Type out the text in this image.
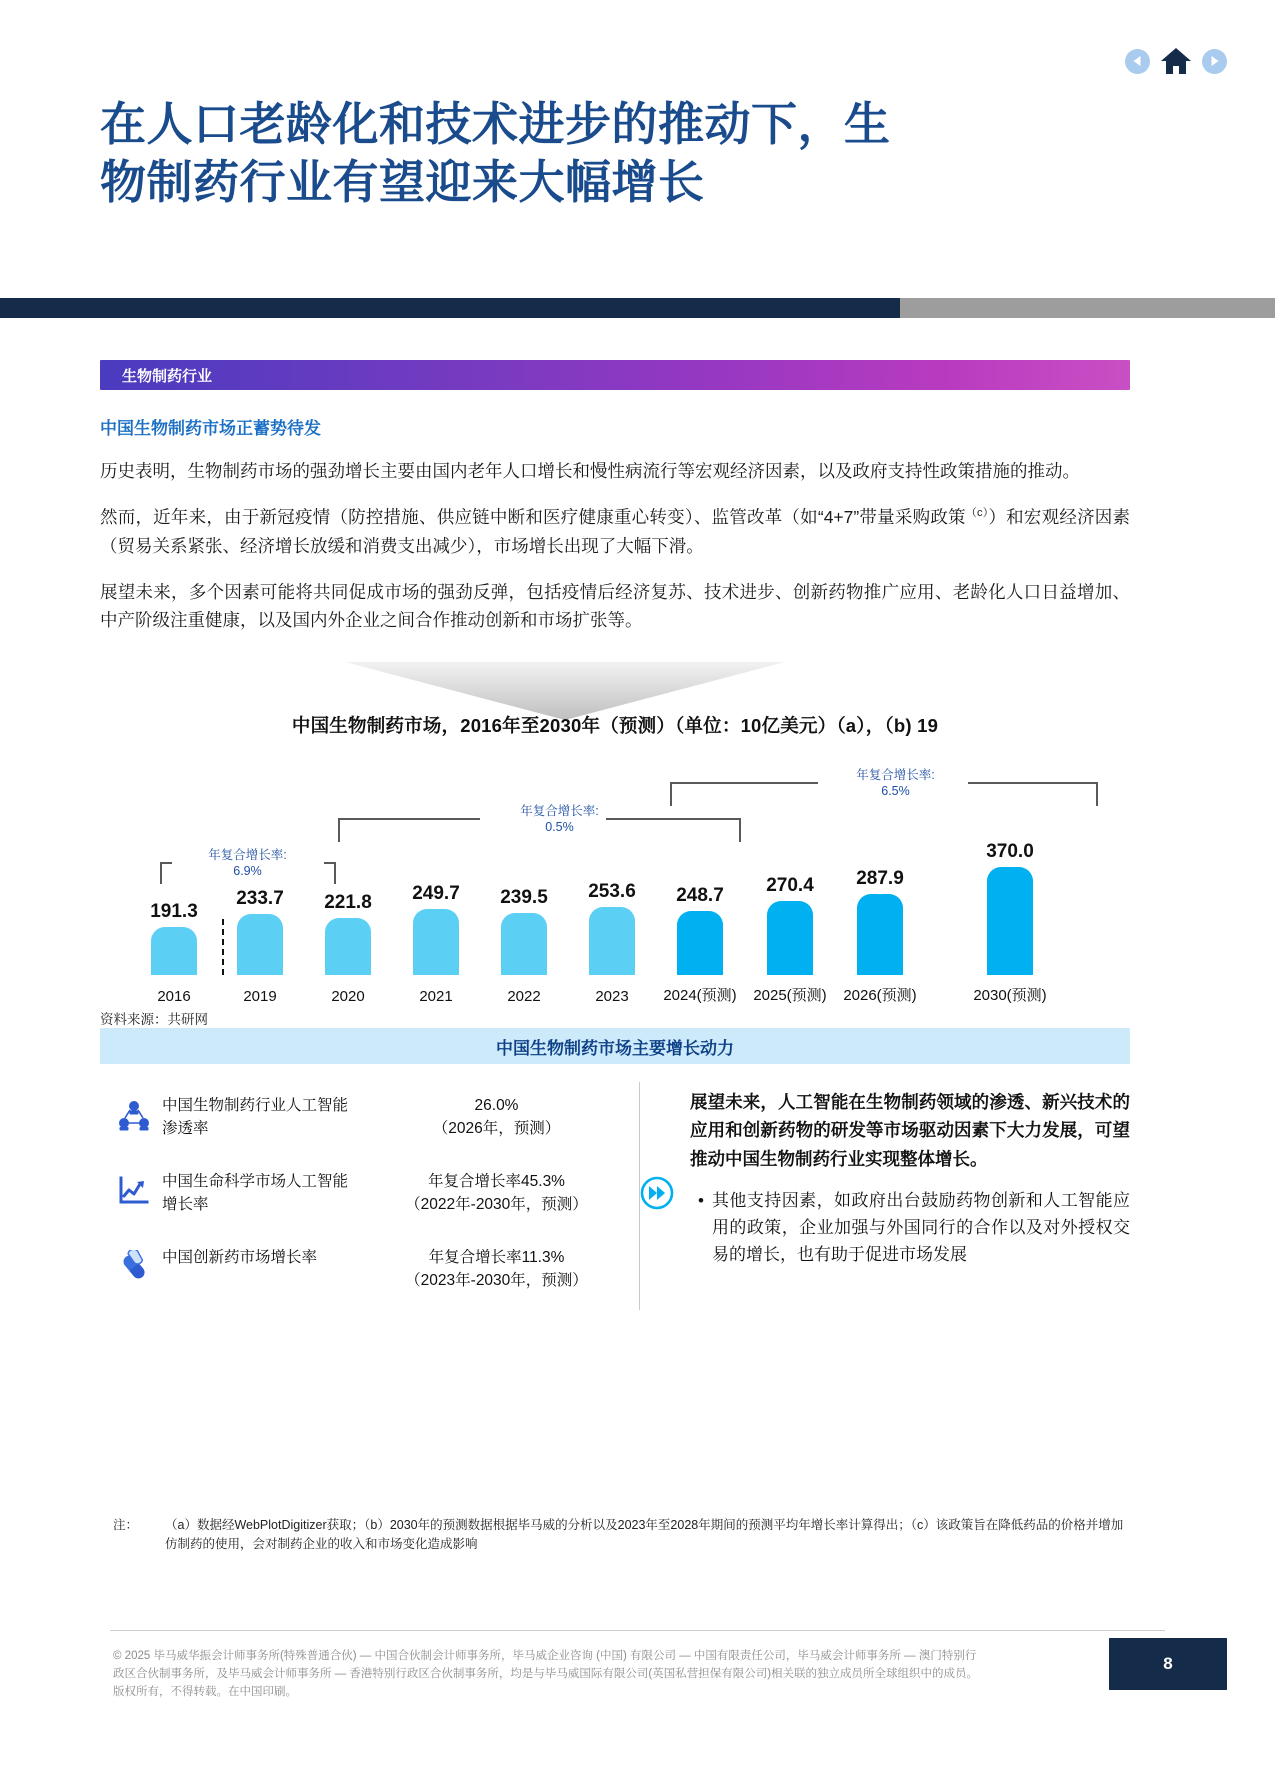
在人口老龄化和技术进步的推动下，生
物制药行业有望迎来大幅增长
生物制药行业
中国生物制药市场正蓄势待发

历史表明，生物制药市场的强劲增长主要由国内老年人口增长和慢性病流行等宏观经济因素，以及政府支持性政策措施的推动。

然而，近年来，由于新冠疫情（防控措施、供应链中断和医疗健康重心转变）、监管改革（如“4+7”带量采购政策$^{(c)}$）和宏观经济因素（贸易关系紧张、经济增长放缓和消费支出减少），市场增长出现了大幅下滑。

展望未来，多个因素可能将共同促成市场的强劲反弹，包括疫情后经济复苏、技术进步、创新药物推广应用、老龄化人口日益增加、中产阶级注重健康，以及国内外企业之间合作推动创新和市场扩张等。

中国生物制药市场，2016年至2030年（预测）（单位：10亿美元）（a），（b) 19
年复合增长率:
6.5%
年复合增长率:
0.5%
年复合增长率:
6.9%
191.3
233.7 221.8 249.7 239.5 253.6 248.7 270.4 287.9
370.0
2016	2019	2020	2021	2022	2023	2024(预测)	2025(预测)	2026(预测)	2030(预测)
资料来源：共研网
中国生物制药市场主要增长动力
中国生物制药行业人工智能渗透率
26.0%
（2026年，预测）
中国生命科学市场人工智能增长率
年复合增长率45.3%
（2022年-2030年，预测）
中国创新药市场增长率	年复合增长率11.3%
（2023年-2030年，预测）
展望未来，人工智能在生物制药领域的渗透、新兴技术的应用和创新药物的研发等市场驱动因素下大力发展，可望推动中国生物制药行业实现整体增长。
• 其他支持因素，如政府出台鼓励药物创新和人工智能应用的政策，企业加强与外国同行的合作以及对外授权交易的增长，也有助于促进市场发展
注：	（a）数据经WebPlotDigitizer获取；（b）2030年的预测数据根据毕马威的分析以及2023年至2028年期间的预测平均年增长率计算得出；（c）该政策旨在降低药品的价格并增加仿制药的使用，会对制药企业的收入和市场变化造成影响
© 2025 毕马威华振会计师事务所(特殊普通合伙) — 中国合伙制会计师事务所，毕马威企业咨询 (中国) 有限公司 — 中国有限责任公司，毕马威会计师事务所 — 澳门特别行
政区合伙制事务所，及毕马威会计师事务所 — 香港特别行政区合伙制事务所，均是与毕马威国际有限公司(英国私营担保有限公司)相关联的独立成员所全球组织中的成员。
版权所有，不得转载。在中国印刷。
8
